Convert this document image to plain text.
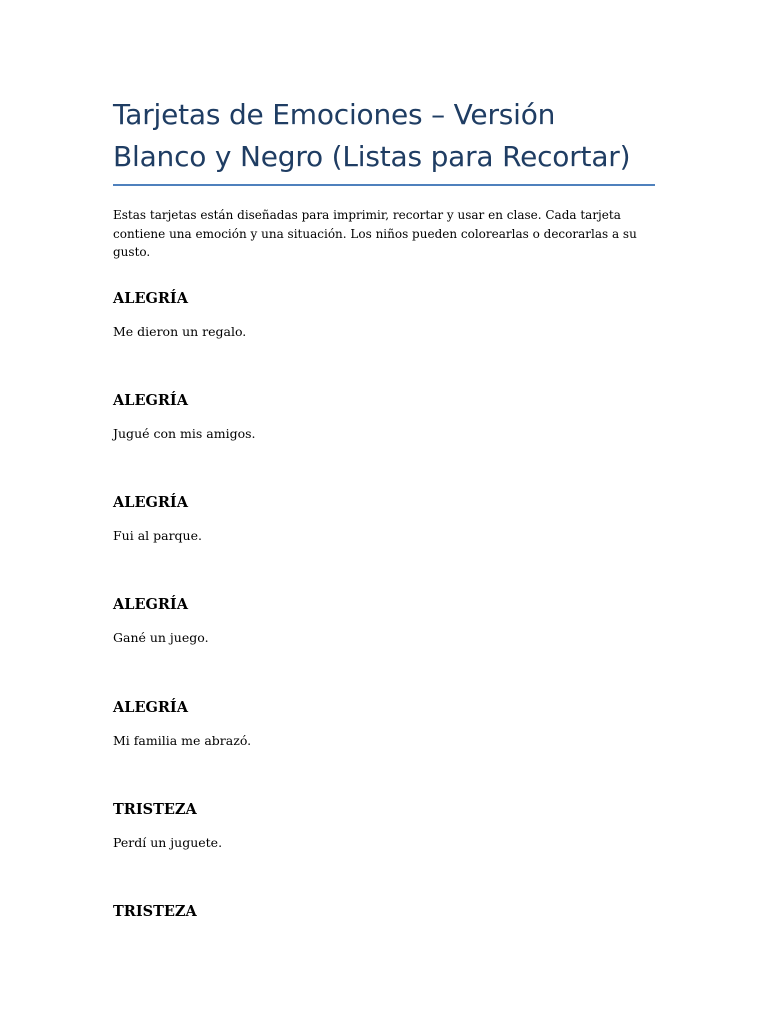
Tarjetas de Emociones – Versión Blanco y Negro (Listas para Recortar)

Estas tarjetas están diseñadas para imprimir, recortar y usar en clase. Cada tarjeta contiene una emoción y una situación. Los niños pueden colorearlas o decorarlas a su gusto.

ALEGRÍA

Me dieron un regalo.

ALEGRÍA

Jugué con mis amigos.

ALEGRÍA

Fui al parque.

ALEGRÍA

Gané un juego.

ALEGRÍA

Mi familia me abrazó.

TRISTEZA

Perdí un juguete.

TRISTEZA
